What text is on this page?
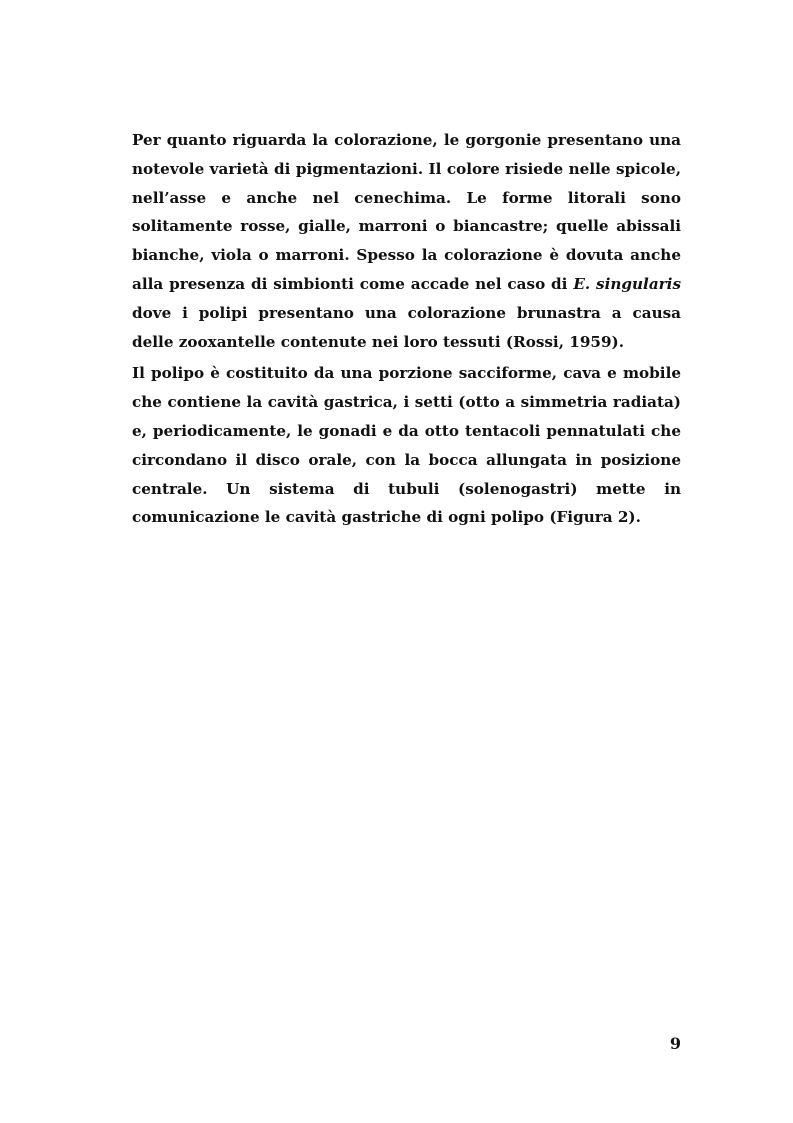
Per quanto riguarda la colorazione, le gorgonie presentano una notevole varietà di pigmentazioni. Il colore risiede nelle spicole, nell’asse e anche nel cenechima. Le forme litorali sono solitamente rosse, gialle, marroni o biancastre; quelle abissali bianche, viola o marroni. Spesso la colorazione è dovuta anche alla presenza di simbionti come accade nel caso di E. singularis dove i polipi presentano una colorazione brunastra a causa delle zooxantelle contenute nei loro tessuti (Rossi, 1959).

Il polipo è costituito da una porzione sacciforme, cava e mobile che contiene la cavità gastrica, i setti (otto a simmetria radiata) e, periodicamente, le gonadi e da otto tentacoli pennatulati che circondano il disco orale, con la bocca allungata in posizione centrale. Un sistema di tubuli (solenogastri) mette in comunicazione le cavità gastriche di ogni polipo (Figura 2).

9
